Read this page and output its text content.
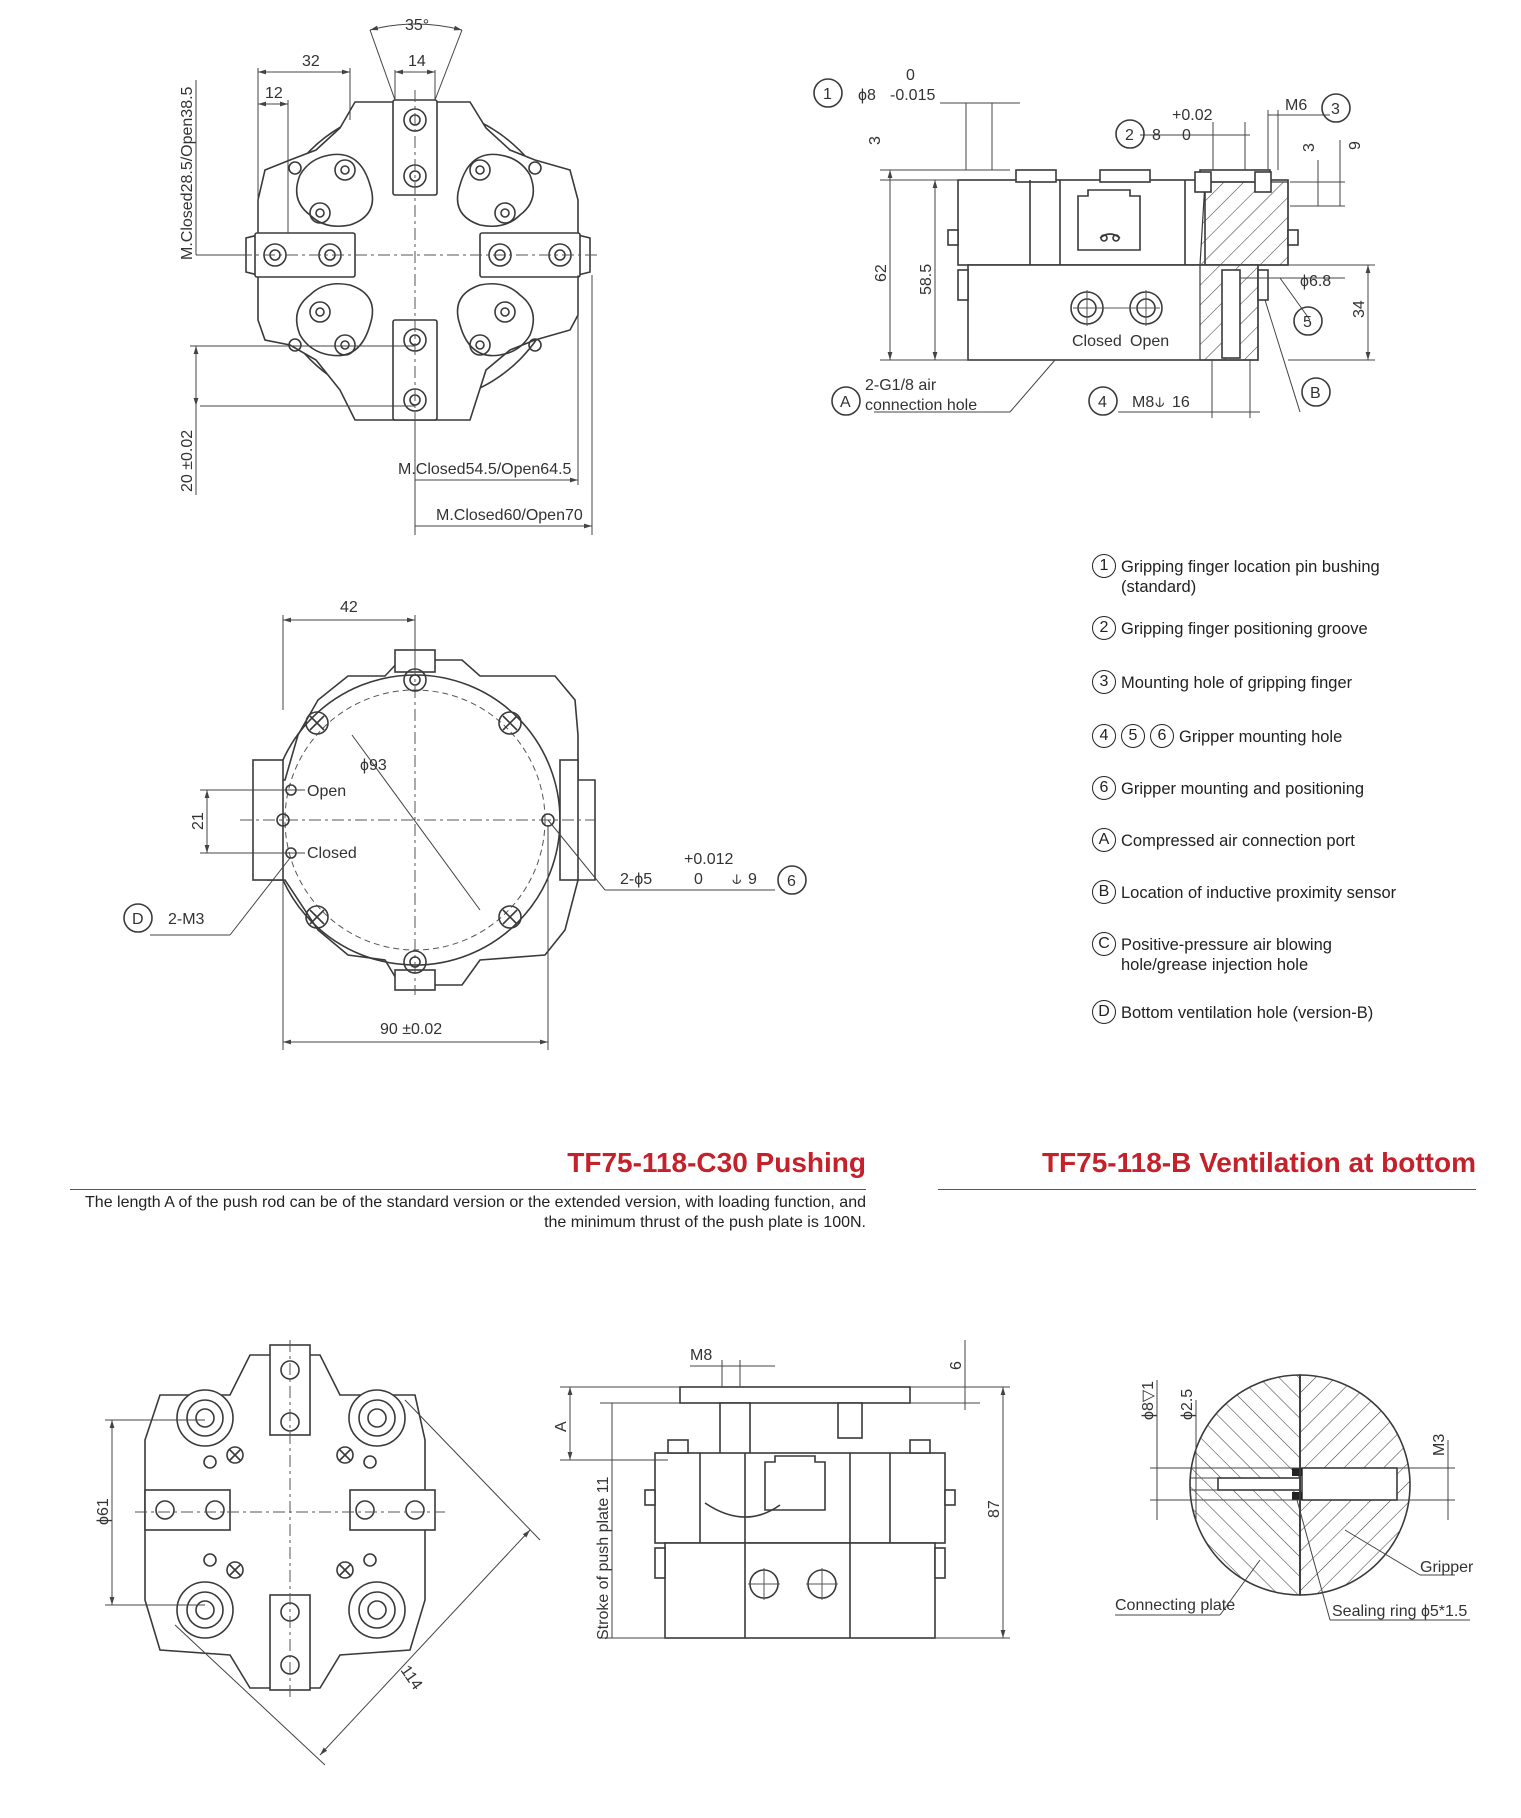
14
32
12
35°
M.Closed28.5/Open38.5
20 ±0.02	M.Closed54.5/Open64.5
M.Closed60/Open70
Closed Open
62 58.5
3
34
3 9
1 ϕ8
0
-0.015
2 8
+0.02
0
M6 3
ϕ6.8
5
B
A
2-G1/8 air
connection hole	4 M8 ⫝ 16
ϕ93
42
21
Open
Closed
90 ±0.02
D 2-M3
2-ϕ5
+0.012
0 ⫝ 9 6
ϕ61
114
M8
6
87
A
Stroke of push plate 11
ϕ8▽1 ϕ2.5
M3
Gripper
Connecting plate	Sealing ring ϕ5*1.5
1 Gripping finger location pin bushing
(standard)
2 Gripping finger positioning groove
3 Mounting hole of gripping finger
4	5	6 Gripper mounting hole
6 Gripper mounting and positioning
A Compressed air connection port
B Location of inductive proximity sensor
C Positive-pressure air blowing
hole/grease injection hole
D Bottom ventilation hole (version-B)
TF75-118-C30 Pushing
The length A of the push rod can be of the standard version or the extended version, with loading function, and the minimum thrust of the push plate is 100N.
TF75-118-B Ventilation at bottom
